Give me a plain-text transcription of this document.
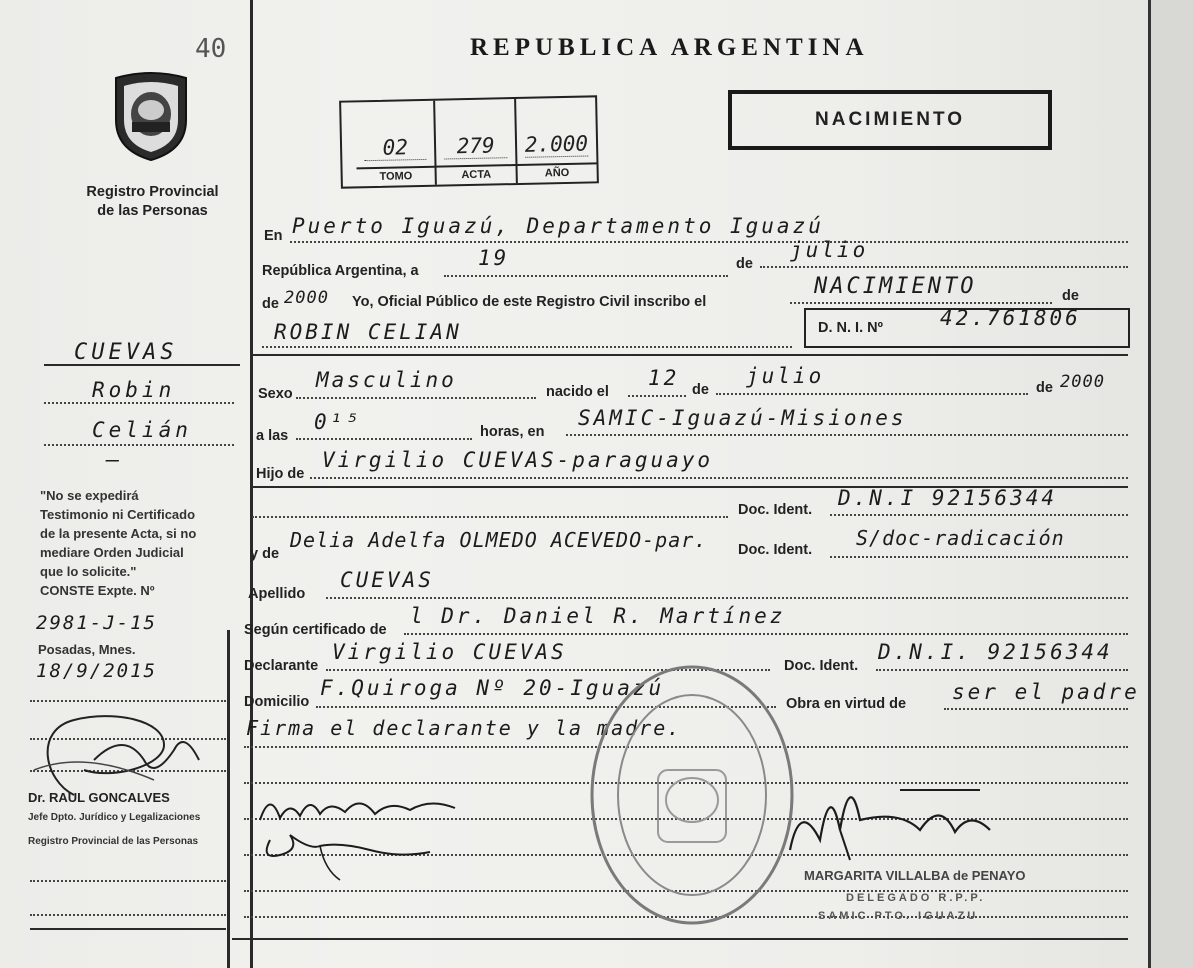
40
Registro Provincial
de las Personas
REPUBLICA ARGENTINA
NACIMIENTO
02
TOMO
279
ACTA
2.000
AÑO
En Puerto Iguazú, Departamento Iguazú
República Argentina, a
19	de
julio
de 2000 Yo, Oficial Público de este Registro Civil inscribo el
NACIMIENTO	de
ROBIN CELIAN	D. N. I. Nº	42.761806
Sexo
Masculino	nacido el
12 de
julio	de 2000
a las
0¹⁵	horas, en
SAMIC-Iguazú-Misiones
Hijo de
Virgilio CUEVAS-paraguayo
Doc. Ident. D.N.I 92156344
y de
Delia Adelfa OLMEDO ACEVEDO-par. Doc. Ident. S/doc-radicación
Apellido
CUEVAS
Según certificado de
l Dr. Daniel R. Martínez
Declarante
Virgilio CUEVAS
Doc. Ident.
D.N.I. 92156344
Domicilio
F.Quiroga Nº 20-Iguazú
Obra en virtud de ser el padre
Firma el declarante y la madre.
CUEVAS
Robin
Celián
—
"No se expedirá
Testimonio ni Certificado
de la presente Acta, si no
mediare Orden Judicial
que lo solicite."
CONSTE Expte. Nº
2981-J-15
Posadas, Mnes.
18/9/2015
Dr. RAUL GONCALVES
Jefe Dpto. Jurídico y Legalizaciones
Registro Provincial de las Personas
MARGARITA VILLALBA de PENAYO
DELEGADO R.P.P.
SAMIC PTO. IGUAZU
